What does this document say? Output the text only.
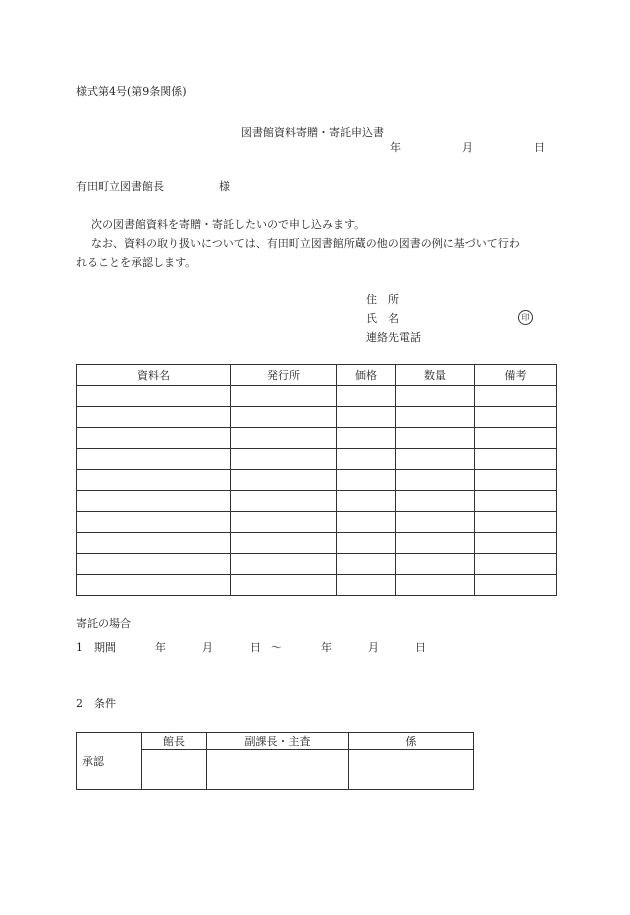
様式第4号(第9条関係)
図書館資料寄贈・寄託申込書
年	月	日
有田町立図書館長	様
次の図書館資料を寄贈・寄託したいので申し込みます。
なお、資料の取り扱いについては、有田町立図書館所蔵の他の図書の例に基づいて行わ
れることを承認します。
住　所
氏　名	印
連絡先電話
資料名	発行所	価格	数量	備考

寄託の場合
1　期間	年	月	日 ～	年	月	日
2　条件
承認	館長	副課長・主査	係
